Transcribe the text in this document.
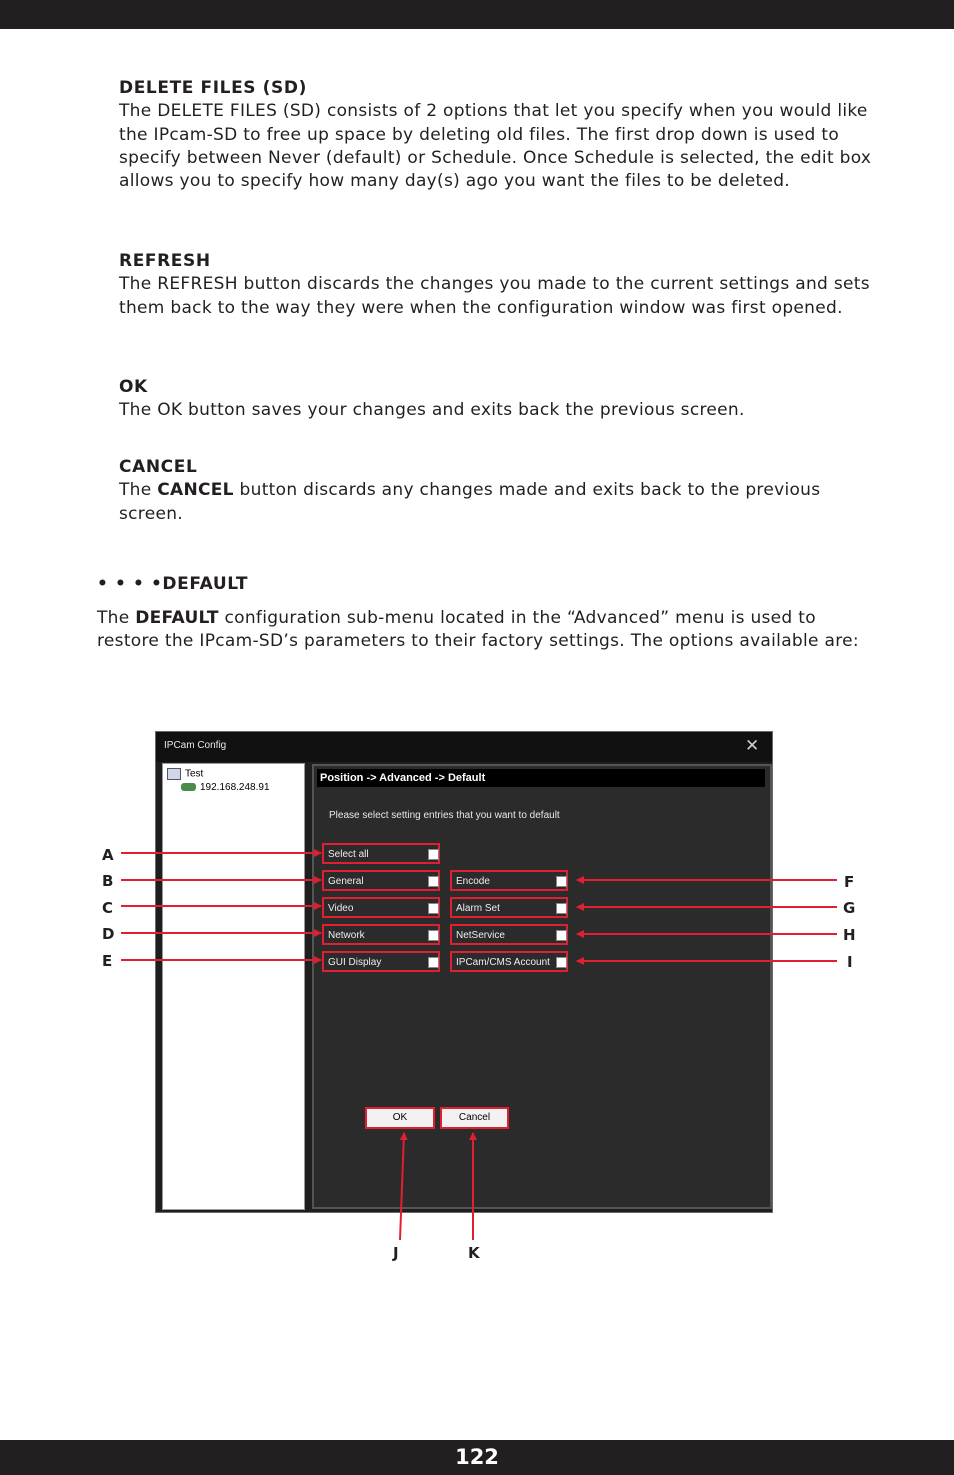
DELETE FILES (SD)

The DELETE FILES (SD) consists of 2 options that let you specify when you would like the IPcam-SD to free up space by deleting old files. The first drop down is used to specify between Never (default) or Schedule. Once Schedule is selected, the edit box allows you to specify how many day(s) ago you want the files to be deleted.

REFRESH

The REFRESH button discards the changes you made to the current settings and sets them back to the way they were when the configuration window was first opened.

OK

The OK button saves your changes and exits back the previous screen.

CANCEL

The CANCEL button discards any changes made and exits back to the previous screen.

• • • •DEFAULT

The DEFAULT configuration sub-menu located in the “Advanced” menu is used to restore the IPcam-SD’s parameters to their factory settings. The options available are:

IPCam Config	✕
Test
192.168.248.91
Position -> Advanced -> Default
Please select setting entries that you want to default
Select all
General
Video
Network
GUI Display
Encode
Alarm Set
NetService
IPCam/CMS Account
OK	Cancel
A
B
C
D
E
F
G
H
I
J	K
122
